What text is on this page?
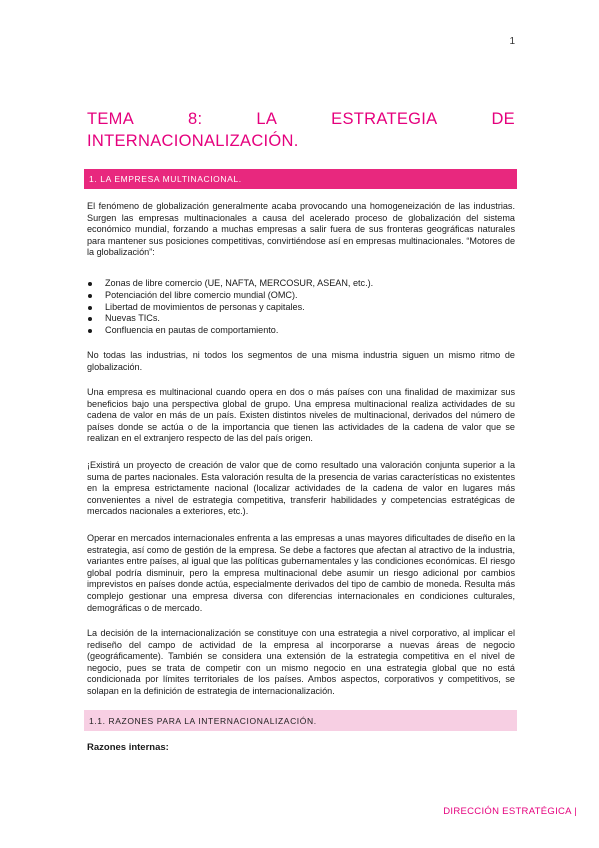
1
TEMA	8:	LA	ESTRATEGIA	DE
INTERNACIONALIZACIÓN.
1. LA EMPRESA MULTINACIONAL.

El fenómeno de globalización generalmente acaba provocando una homogeneización de las industrias. Surgen las empresas multinacionales a causa del acelerado proceso de globalización del sistema económico mundial, forzando a muchas empresas a salir fuera de sus fronteras geográficas naturales para mantener sus posiciones competitivas, convirtiéndose así en empresas multinacionales. “Motores de la globalización”:

Zonas de libre comercio (UE, NAFTA, MERCOSUR, ASEAN, etc.).
Potenciación del libre comercio mundial (OMC).
Libertad de movimientos de personas y capitales.
Nuevas TICs.
Confluencia en pautas de comportamiento.

No todas las industrias, ni todos los segmentos de una misma industria siguen un mismo ritmo de globalización.

Una empresa es multinacional cuando opera en dos o más países con una finalidad de maximizar sus beneficios bajo una perspectiva global de grupo. Una empresa multinacional realiza actividades de su cadena de valor en más de un país. Existen distintos niveles de multinacional, derivados del número de países donde se actúa o de la importancia que tienen las actividades de la cadena de valor que se realizan en el extranjero respecto de las del país origen.

¡Existirá un proyecto de creación de valor que de como resultado una valoración conjunta superior a la suma de partes nacionales. Esta valoración resulta de la presencia de varias características no existentes en la empresa estrictamente nacional (localizar actividades de la cadena de valor en lugares más convenientes a nivel de estrategia competitiva, transferir habilidades y competencias estratégicas de mercados nacionales a exteriores, etc.).

Operar en mercados internacionales enfrenta a las empresas a unas mayores dificultades de diseño en la estrategia, así como de gestión de la empresa. Se debe a factores que afectan al atractivo de la industria, variantes entre países, al igual que las políticas gubernamentales y las condiciones económicas. El riesgo global podría disminuir, pero la empresa multinacional debe asumir un riesgo adicional por cambios imprevistos en países donde actúa, especialmente derivados del tipo de cambio de moneda. Resulta más complejo gestionar una empresa diversa con diferencias internacionales en condiciones culturales, demográficas o de mercado.

La decisión de la internacionalización se constituye con una estrategia a nivel corporativo, al implicar el rediseño del campo de actividad de la empresa al incorporarse a nuevas áreas de negocio (geográficamente). También se considera una extensión de la estrategia competitiva en el nivel de negocio, pues se trata de competir con un mismo negocio en una estrategia global que no está condicionada por límites territoriales de los países. Ambos aspectos, corporativos y competitivos, se solapan en la definición de estrategia de internacionalización.

1.1. RAZONES PARA LA INTERNACIONALIZACIÓN.
Razones internas:
DIRECCIÓN ESTRATÉGICA |
